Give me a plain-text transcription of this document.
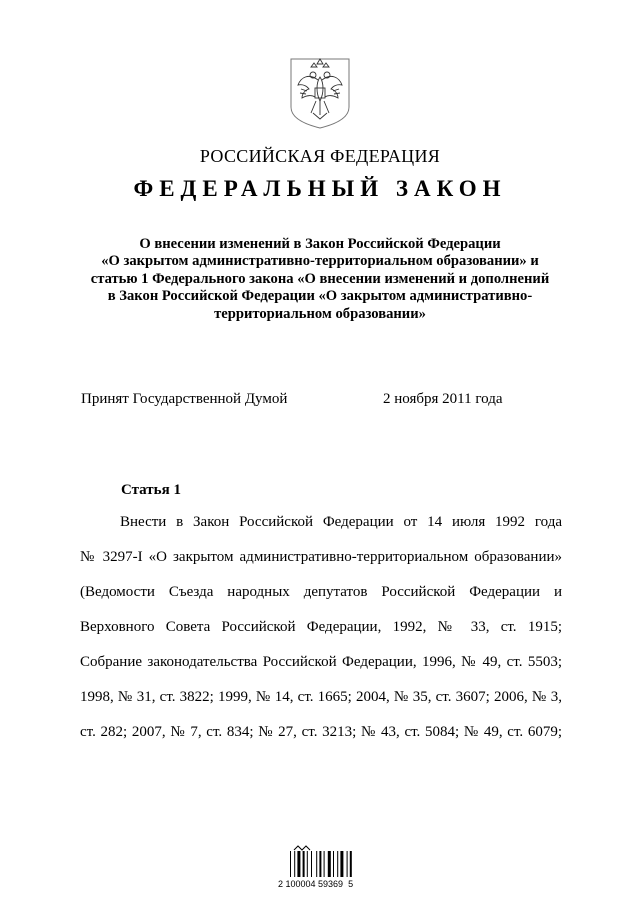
РОССИЙСКАЯ ФЕДЕРАЦИЯ
ФЕДЕРАЛЬНЫЙ ЗАКОН
О внесении изменений в Закон Российской Федерации
«О закрытом административно-территориальном образовании» и
статью 1 Федерального закона «О внесении изменений и дополнений
в Закон Российской Федерации «О закрытом административно-
территориальном образовании»
Принят Государственной Думой	2 ноября 2011 года
Статья 1
Внести в Закон Российской Федерации от 14 июля 1992 года
№ 3297-I «О закрытом административно-территориальном образовании»
(Ведомости Съезда народных депутатов Российской Федерации и
Верховного Совета Российской Федерации, 1992, № 33, ст. 1915;
Собрание законодательства Российской Федерации, 1996, № 49, ст. 5503;
1998, № 31, ст. 3822; 1999, № 14, ст. 1665; 2004, № 35, ст. 3607; 2006, № 3,
ст. 282; 2007, № 7, ст. 834; № 27, ст. 3213; № 43, ст. 5084; № 49, ст. 6079;
2 100004 59369  5
